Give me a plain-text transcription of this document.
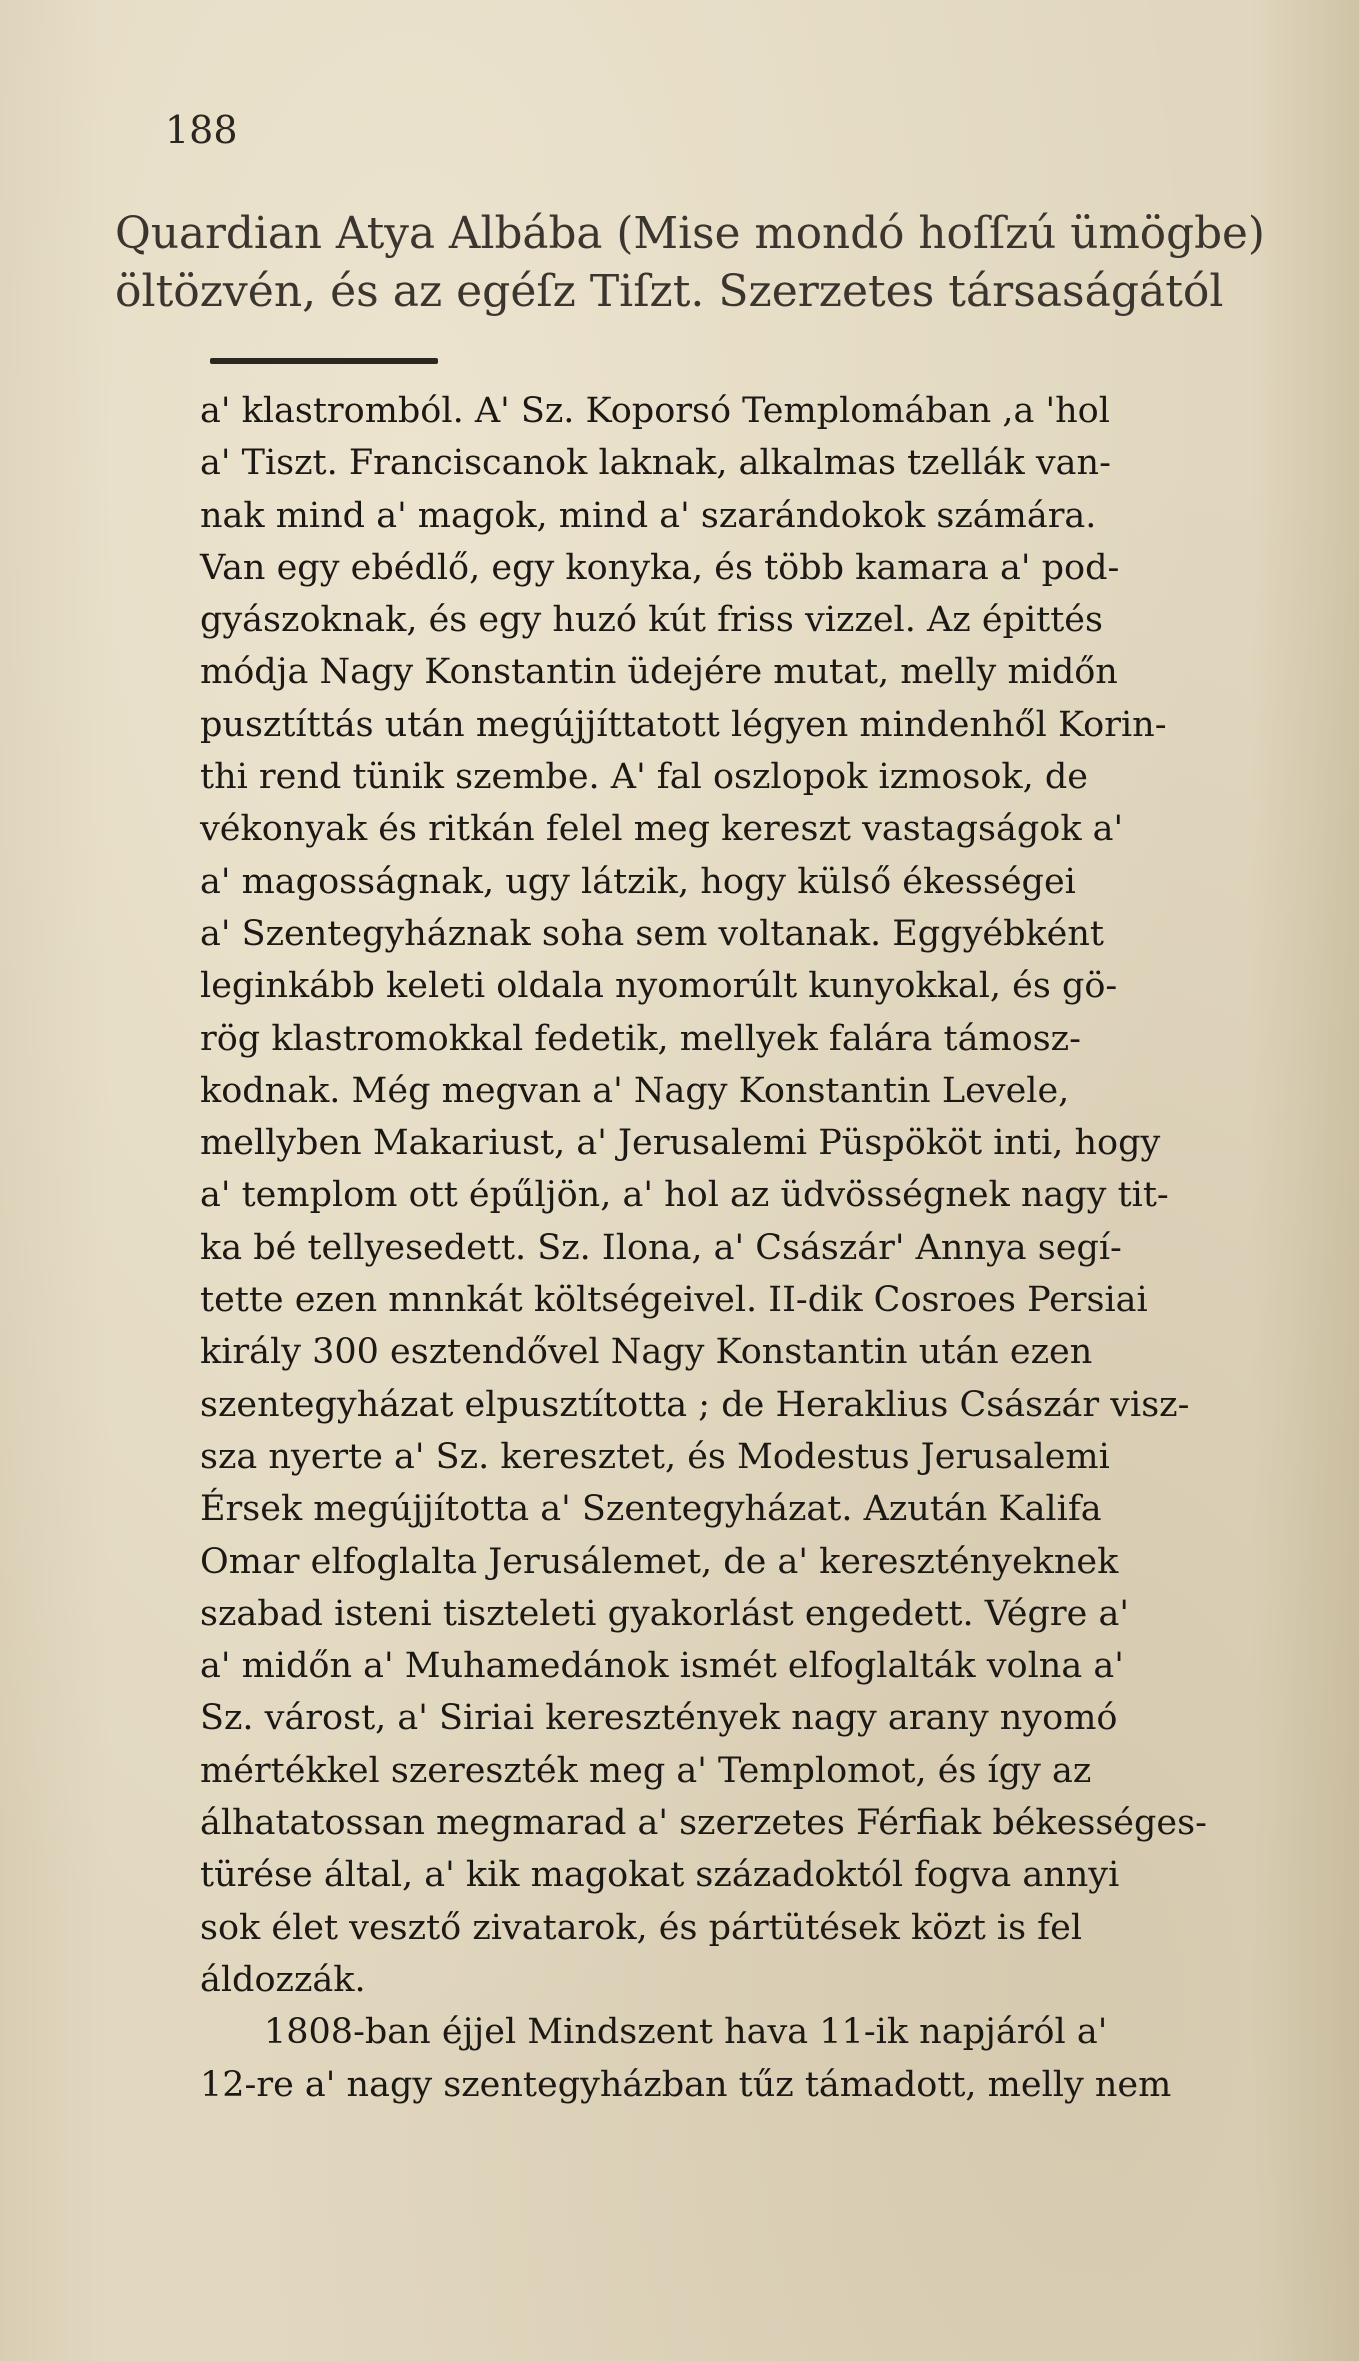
188

Quardian Atya Albába (Mise mondó hoſſzú ümögbe)

öltözvén, és az egéſz Tiſzt. Szerzetes társaságától

a' klastromból. A' Sz. Koporsó Templomában ,a 'hol

a' Tiszt. Franciscanok laknak, alkalmas tzellák van-

nak mind a' magok, mind a' szarándokok számára.

Van egy ebédlő, egy konyka, és több kamara a' pod-

gyászoknak, és egy huzó kút friss vizzel. Az épittés

módja Nagy Konstantin üdejére mutat, melly midőn

pusztíttás után megújjíttatott légyen mindenhől Korin-

thi rend tünik szembe. A' fal oszlopok izmosok, de

vékonyak és ritkán felel meg kereszt vastagságok a'

a' magosságnak, ugy látzik, hogy külső ékességei

a' Szentegyháznak soha sem voltanak. Eggyébként

leginkább keleti oldala nyomorúlt kunyokkal, és gö-

rög klastromokkal fedetik, mellyek falára támosz-

kodnak. Még megvan a' Nagy Konstantin Levele,

mellyben Makariust, a' Jerusalemi Püspököt inti, hogy

a' templom ott épűljön, a' hol az üdvösségnek nagy tit-

ka bé tellyesedett. Sz. Ilona, a' Császár' Annya segí-

tette ezen mnnkát költségeivel. II-dik Cosroes Persiai

király 300 esztendővel Nagy Konstantin után ezen

szentegyházat elpusztította ; de Heraklius Császár visz-

sza nyerte a' Sz. keresztet, és Modestus Jerusalemi

Érsek megújjította a' Szentegyházat. Azután Kalifa

Omar elfoglalta Jerusálemet, de a' keresztényeknek

szabad isteni tiszteleti gyakorlást engedett. Végre a'

a' midőn a' Muhamedánok ismét elfoglalták volna a'

Sz. várost, a' Siriai keresztények nagy arany nyomó

mértékkel szereszték meg a' Templomot, és így az

álhatatossan megmarad a' szerzetes Férfiak békességes-

türése által, a' kik magokat századoktól fogva annyi

sok élet vesztő zivatarok, és pártütések közt is fel

áldozzák.

1808-ban éjjel Mindszent hava 11-ik napjáról a'

12-re a' nagy szentegyházban tűz támadott, melly nem
